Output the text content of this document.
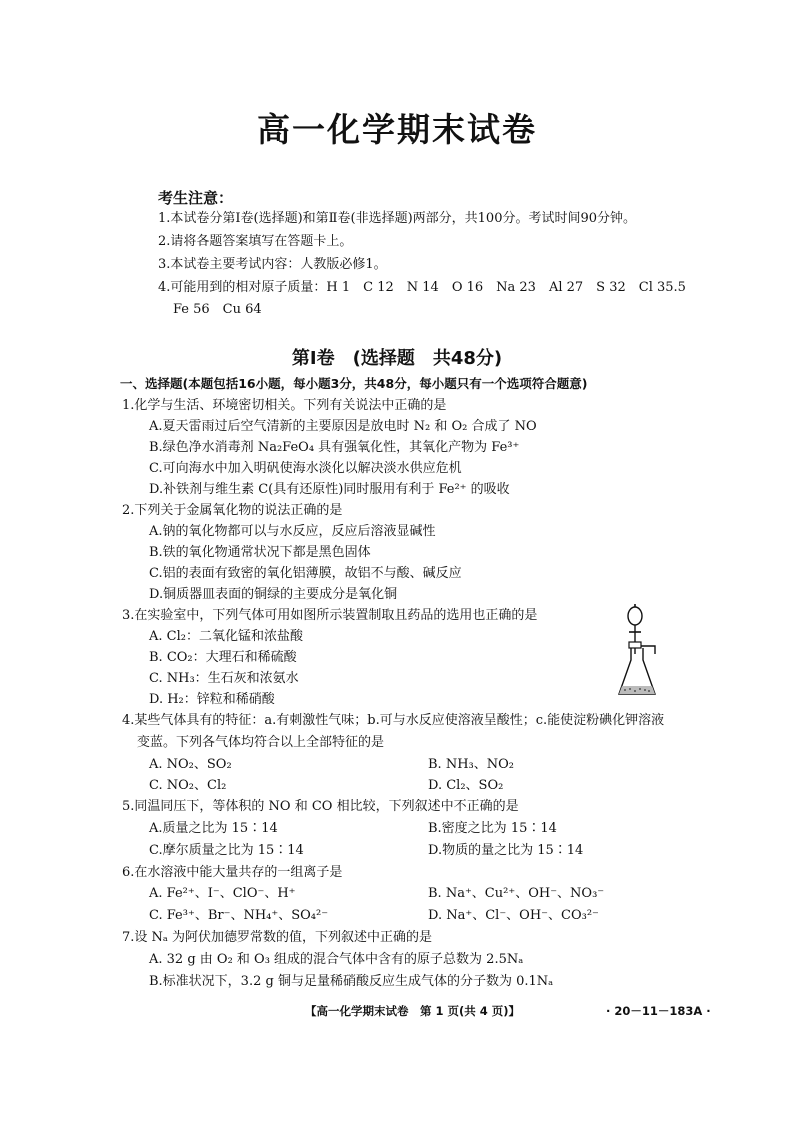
高一化学期末试卷
考生注意：
1.本试卷分第Ⅰ卷(选择题)和第Ⅱ卷(非选择题)两部分，共100分。考试时间90分钟。
2.请将各题答案填写在答题卡上。
3.本试卷主要考试内容：人教版必修1。
4.可能用到的相对原子质量：H 1　C 12　N 14　O 16　Na 23　Al 27　S 32　Cl 35.5
Fe 56　Cu 64
第Ⅰ卷　(选择题　共48分)
一、选择题(本题包括16小题，每小题3分，共48分，每小题只有一个选项符合题意)
1.化学与生活、环境密切相关。下列有关说法中正确的是
A.夏天雷雨过后空气清新的主要原因是放电时 N₂ 和 O₂ 合成了 NO
B.绿色净水消毒剂 Na₂FeO₄ 具有强氧化性，其氧化产物为 Fe³⁺
C.可向海水中加入明矾使海水淡化以解决淡水供应危机
D.补铁剂与维生素 C(具有还原性)同时服用有利于 Fe²⁺ 的吸收
2.下列关于金属氧化物的说法正确的是
A.钠的氧化物都可以与水反应，反应后溶液显碱性
B.铁的氧化物通常状况下都是黑色固体
C.铝的表面有致密的氧化铝薄膜，故铝不与酸、碱反应
D.铜质器皿表面的铜绿的主要成分是氧化铜
3.在实验室中，下列气体可用如图所示装置制取且药品的选用也正确的是
A. Cl₂：二氧化锰和浓盐酸
B. CO₂：大理石和稀硫酸
C. NH₃：生石灰和浓氨水
D. H₂：锌粒和稀硝酸
4.某些气体具有的特征：a.有刺激性气味；b.可与水反应使溶液呈酸性；c.能使淀粉碘化钾溶液
变蓝。下列各气体均符合以上全部特征的是
A. NO₂、SO₂	B. NH₃、NO₂
C. NO₂、Cl₂	D. Cl₂、SO₂
5.同温同压下，等体积的 NO 和 CO 相比较，下列叙述中不正确的是
A.质量之比为 15∶14	B.密度之比为 15∶14
C.摩尔质量之比为 15∶14	D.物质的量之比为 15∶14
6.在水溶液中能大量共存的一组离子是
A. Fe²⁺、I⁻、ClO⁻、H⁺	B. Na⁺、Cu²⁺、OH⁻、NO₃⁻
C. Fe³⁺、Br⁻、NH₄⁺、SO₄²⁻	D. Na⁺、Cl⁻、OH⁻、CO₃²⁻
7.设 Nₐ 为阿伏加德罗常数的值，下列叙述中正确的是
A. 32 g 由 O₂ 和 O₃ 组成的混合气体中含有的原子总数为 2.5Nₐ
B.标准状况下，3.2 g 铜与足量稀硝酸反应生成气体的分子数为 0.1Nₐ
【高一化学期末试卷　第 1 页(共 4 页)】	· 20－11－183A ·
